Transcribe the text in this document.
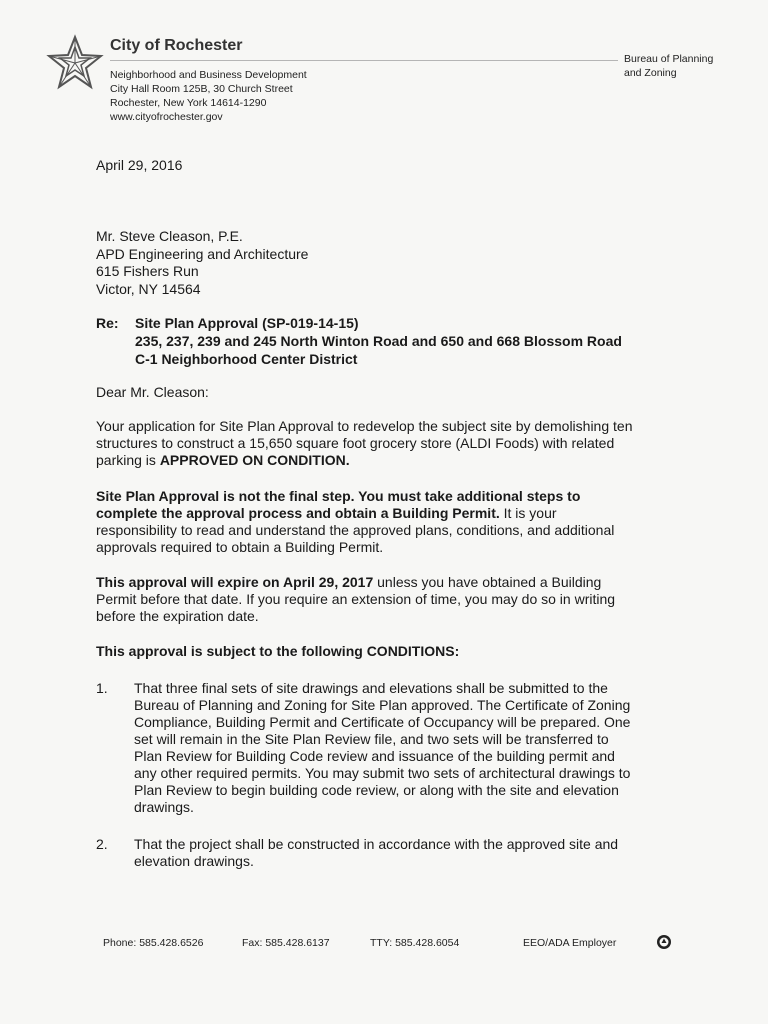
City of Rochester
Neighborhood and Business Development
City Hall Room 125B, 30 Church Street
Rochester, New York 14614-1290
www.cityofrochester.gov
Bureau of Planning
and Zoning
April 29, 2016
Mr. Steve Cleason, P.E.
APD Engineering and Architecture
615 Fishers Run
Victor, NY 14564
Re: Site Plan Approval (SP-019-14-15)
235, 237, 239 and 245 North Winton Road and 650 and 668 Blossom Road
C-1 Neighborhood Center District
Dear Mr. Cleason:
Your application for Site Plan Approval to redevelop the subject site by demolishing ten
structures to construct a 15,650 square foot grocery store (ALDI Foods) with related
parking is APPROVED ON CONDITION.
Site Plan Approval is not the final step. You must take additional steps to
complete the approval process and obtain a Building Permit. It is your
responsibility to read and understand the approved plans, conditions, and additional
approvals required to obtain a Building Permit.
This approval will expire on April 29, 2017 unless you have obtained a Building
Permit before that date. If you require an extension of time, you may do so in writing
before the expiration date.
This approval is subject to the following CONDITIONS:
1. That three final sets of site drawings and elevations shall be submitted to the
Bureau of Planning and Zoning for Site Plan approved. The Certificate of Zoning
Compliance, Building Permit and Certificate of Occupancy will be prepared. One
set will remain in the Site Plan Review file, and two sets will be transferred to
Plan Review for Building Code review and issuance of the building permit and
any other required permits. You may submit two sets of architectural drawings to
Plan Review to begin building code review, or along with the site and elevation
drawings.
2. That the project shall be constructed in accordance with the approved site and
elevation drawings.
Phone: 585.428.6526	Fax: 585.428.6137	TTY: 585.428.6054	EEO/ADA Employer
